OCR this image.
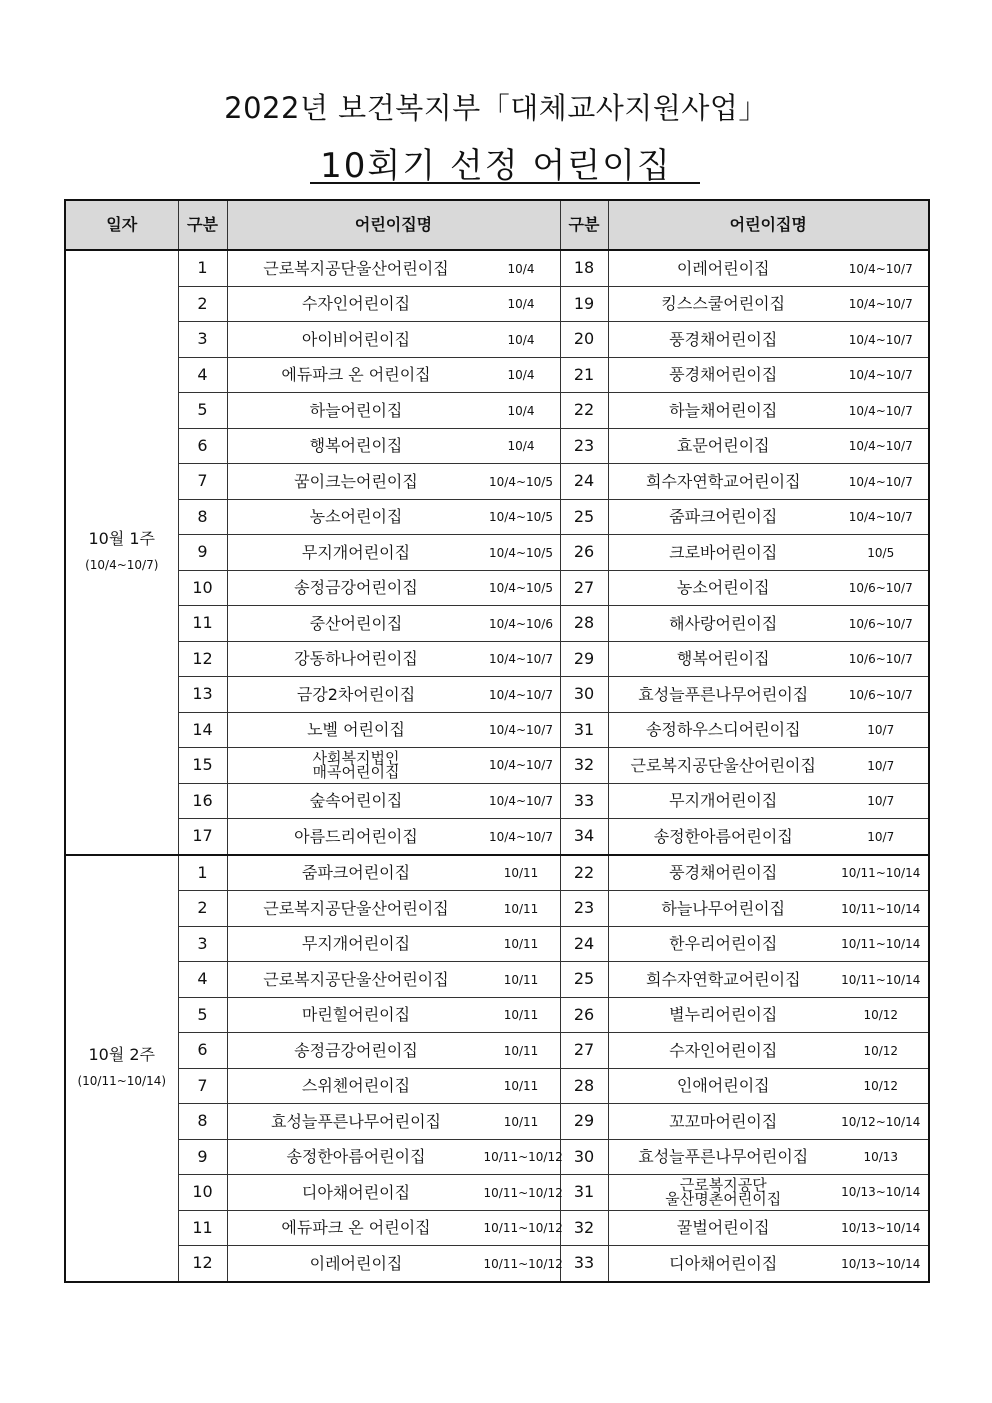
2022년 보건복지부「대체교사지원사업」
10회기 선정 어린이집
일자	구분	어린이집명	구분	어린이집명

10월 1주
(10/4~10/7)	1	근로복지공단울산어린이집 10/4	18	이레어린이집 10/4~10/7
	2	수자인어린이집 10/4	19	킹스스쿨어린이집 10/4~10/7
	3	아이비어린이집 10/4	20	풍경채어린이집 10/4~10/7
	4	에듀파크 온 어린이집 10/4	21	풍경채어린이집 10/4~10/7
	5	하늘어린이집 10/4	22	하늘채어린이집 10/4~10/7
	6	행복어린이집 10/4	23	효문어린이집 10/4~10/7
	7	꿈이크는어린이집 10/4~10/5	24	희수자연학교어린이집 10/4~10/7
	8	농소어린이집 10/4~10/5	25	줌파크어린이집 10/4~10/7
	9	무지개어린이집 10/4~10/5	26	크로바어린이집 10/5
	10	송정금강어린이집 10/4~10/5	27	농소어린이집 10/6~10/7
	11	중산어린이집 10/4~10/6	28	해사랑어린이집 10/6~10/7
	12	강동하나어린이집 10/4~10/7	29	행복어린이집 10/6~10/7
	13	금강2차어린이집 10/4~10/7	30	효성늘푸른나무어린이집 10/6~10/7
	14	노벨 어린이집 10/4~10/7	31	송정하우스디어린이집 10/7
	15	사회복지법인
매곡어린이집 10/4~10/7	32	근로복지공단울산어린이집 10/7
	16	숲속어린이집 10/4~10/7	33	무지개어린이집 10/7
	17	아름드리어린이집 10/4~10/7	34	송정한아름어린이집 10/7

10월 2주
(10/11~10/14)	1	줌파크어린이집 10/11	22	풍경채어린이집 10/11~10/14
	2	근로복지공단울산어린이집 10/11	23	하늘나무어린이집 10/11~10/14
	3	무지개어린이집 10/11	24	한우리어린이집 10/11~10/14
	4	근로복지공단울산어린이집 10/11	25	희수자연학교어린이집 10/11~10/14
	5	마린힐어린이집 10/11	26	별누리어린이집 10/12
	6	송정금강어린이집 10/11	27	수자인어린이집 10/12
	7	스위첸어린이집 10/11	28	인애어린이집 10/12
	8	효성늘푸른나무어린이집 10/11	29	꼬꼬마어린이집 10/12~10/14
	9	송정한아름어린이집 10/11~10/12	30	효성늘푸른나무어린이집 10/13
	10	디아채어린이집 10/11~10/12	31	근로복지공단
울산명촌어린이집 10/13~10/14
	11	에듀파크 온 어린이집 10/11~10/12	32	꿀벌어린이집 10/13~10/14
	12	이레어린이집 10/11~10/12	33	디아채어린이집 10/13~10/14
